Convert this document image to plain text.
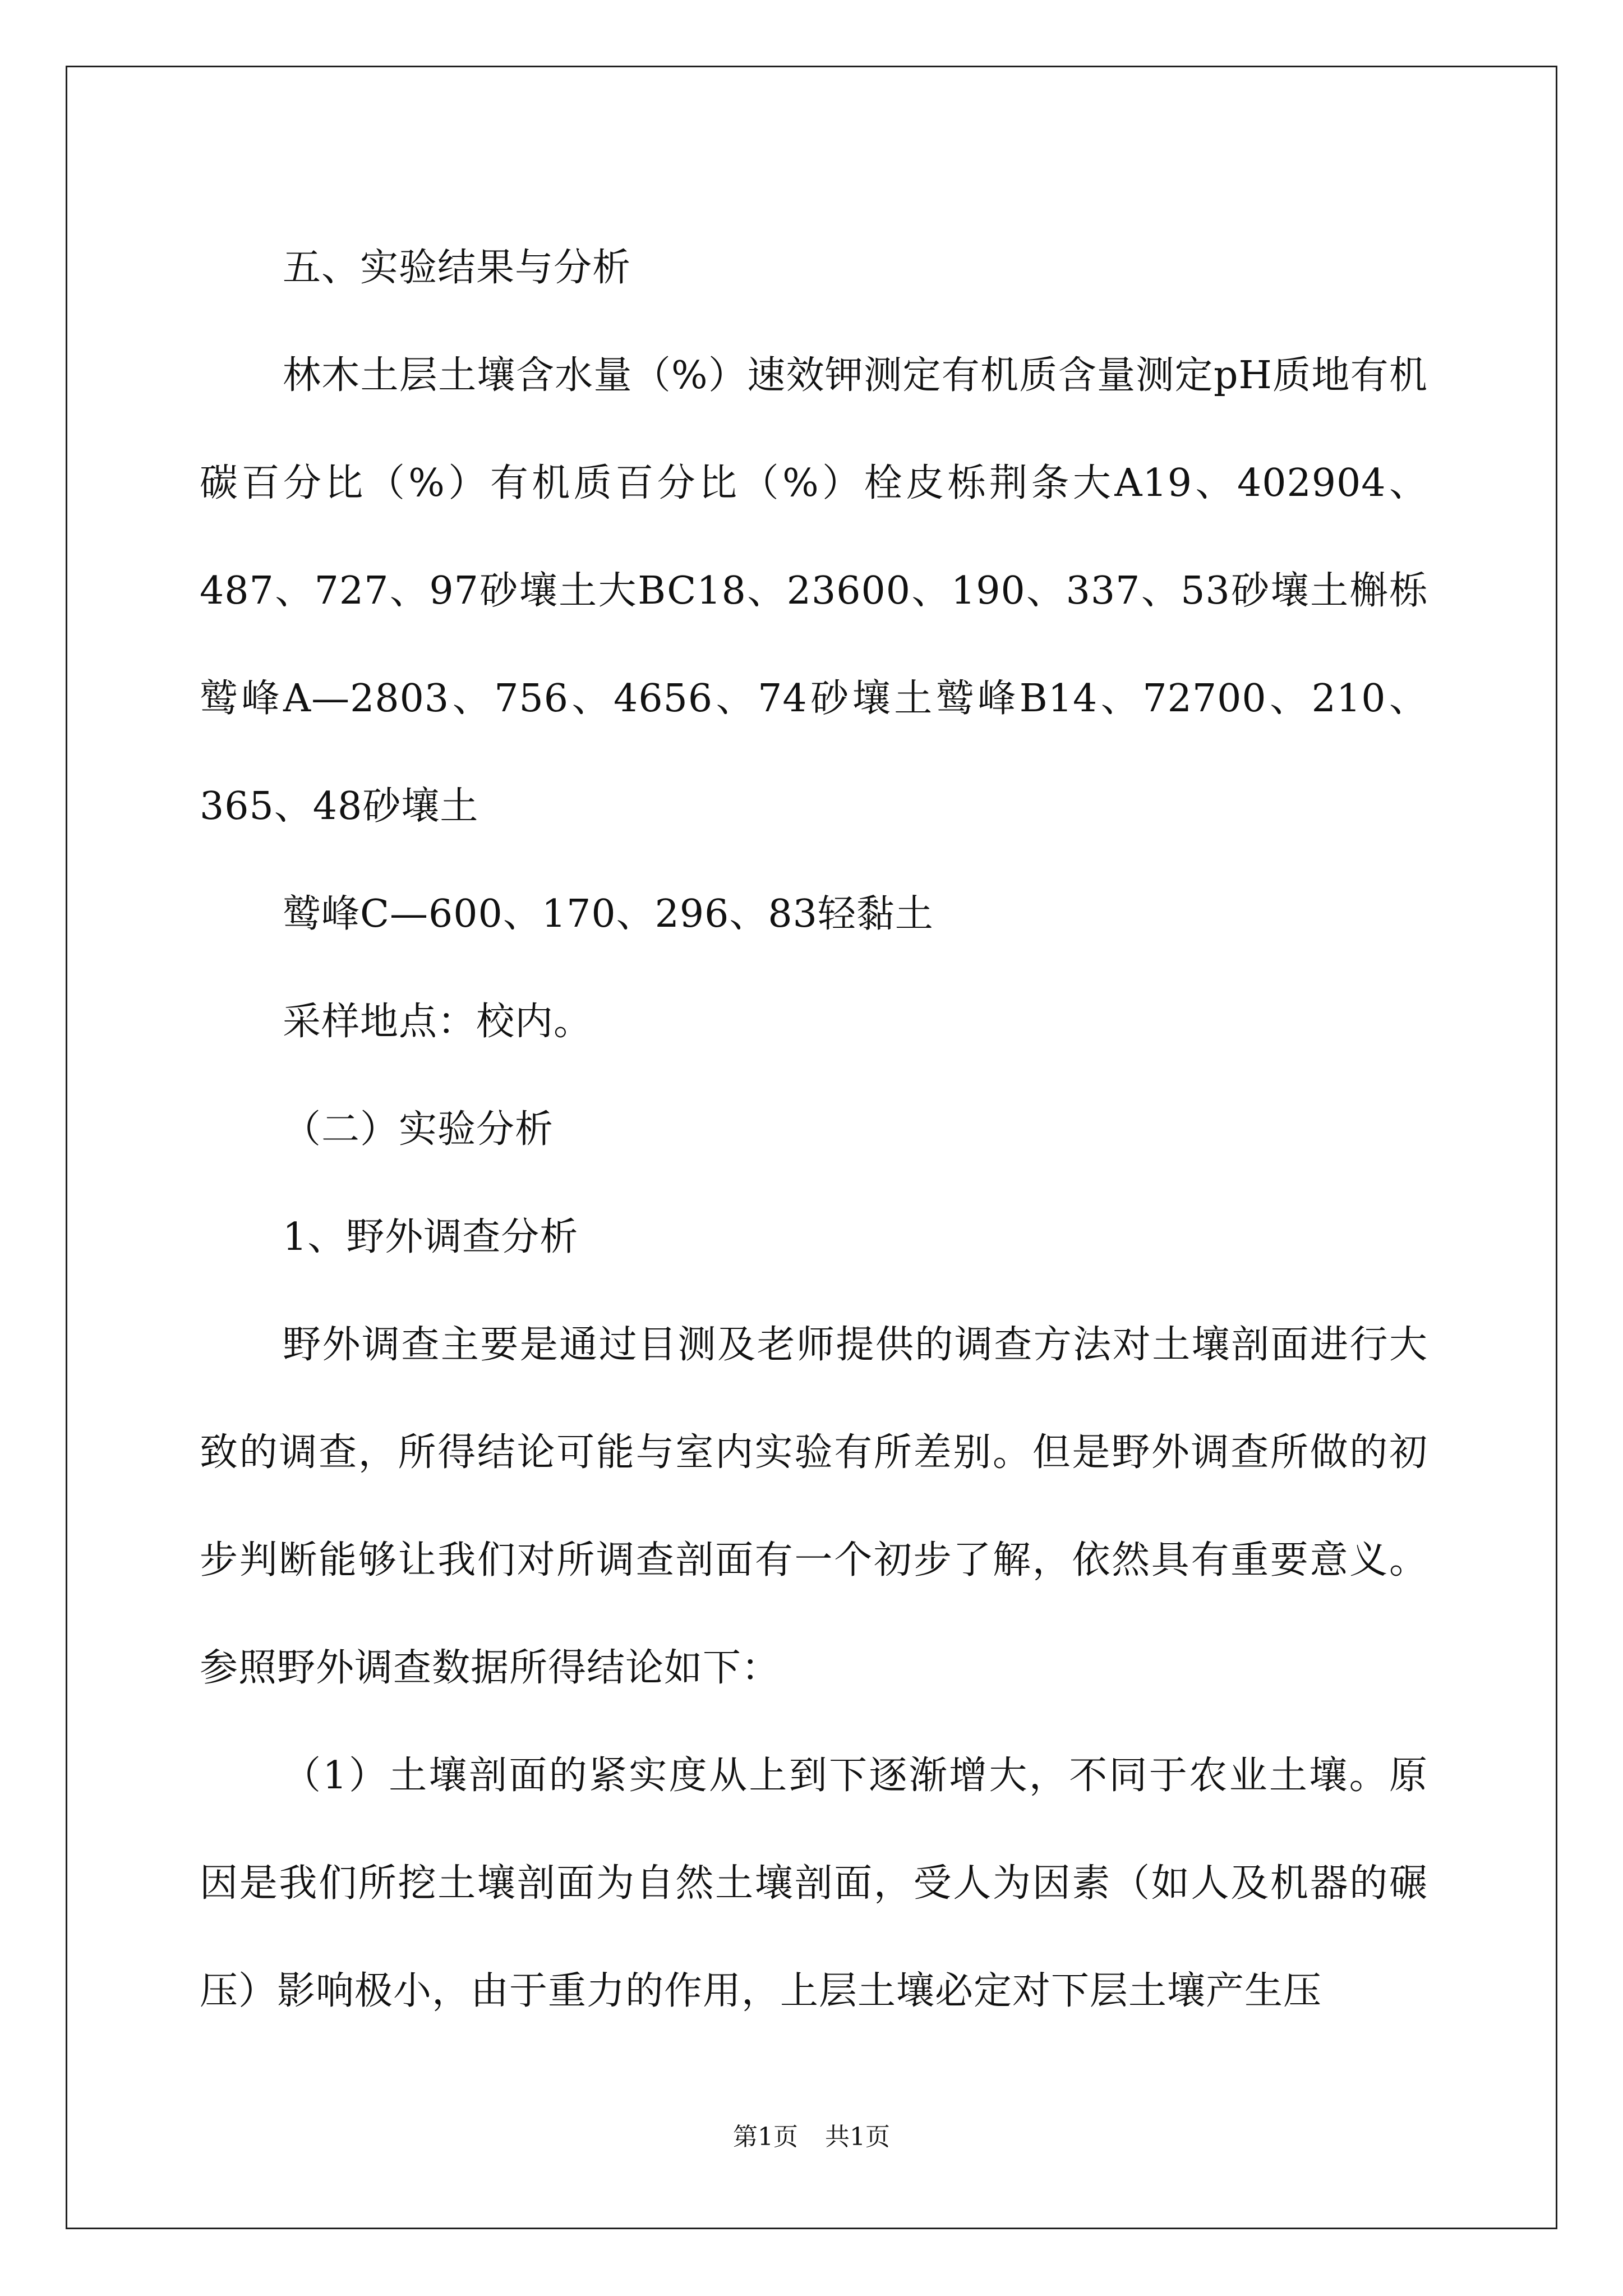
五、实验结果与分析

林木土层土壤含水量（%）速效钾测定有机质含量测定pH质地有机碳百分比（%）有机质百分比（%）栓皮栎荆条大A19、402904、487、727、97砂壤土大BC18、23600、190、337、53砂壤土槲栎鹫峰A—2803、756、4656、74砂壤土鹫峰B14、72700、210、365、48砂壤土

鹫峰C—600、170、296、83轻黏土

采样地点：校内。

（二）实验分析

1、野外调查分析

野外调查主要是通过目测及老师提供的调查方法对土壤剖面进行大致的调查，所得结论可能与室内实验有所差别。但是野外调查所做的初步判断能够让我们对所调查剖面有一个初步了解，依然具有重要意义。参照野外调查数据所得结论如下：

（1）土壤剖面的紧实度从上到下逐渐增大，不同于农业土壤。原因是我们所挖土壤剖面为自然土壤剖面，受人为因素（如人及机器的碾压）影响极小，由于重力的作用，上层土壤必定对下层土壤产生压

第1页 共1页
